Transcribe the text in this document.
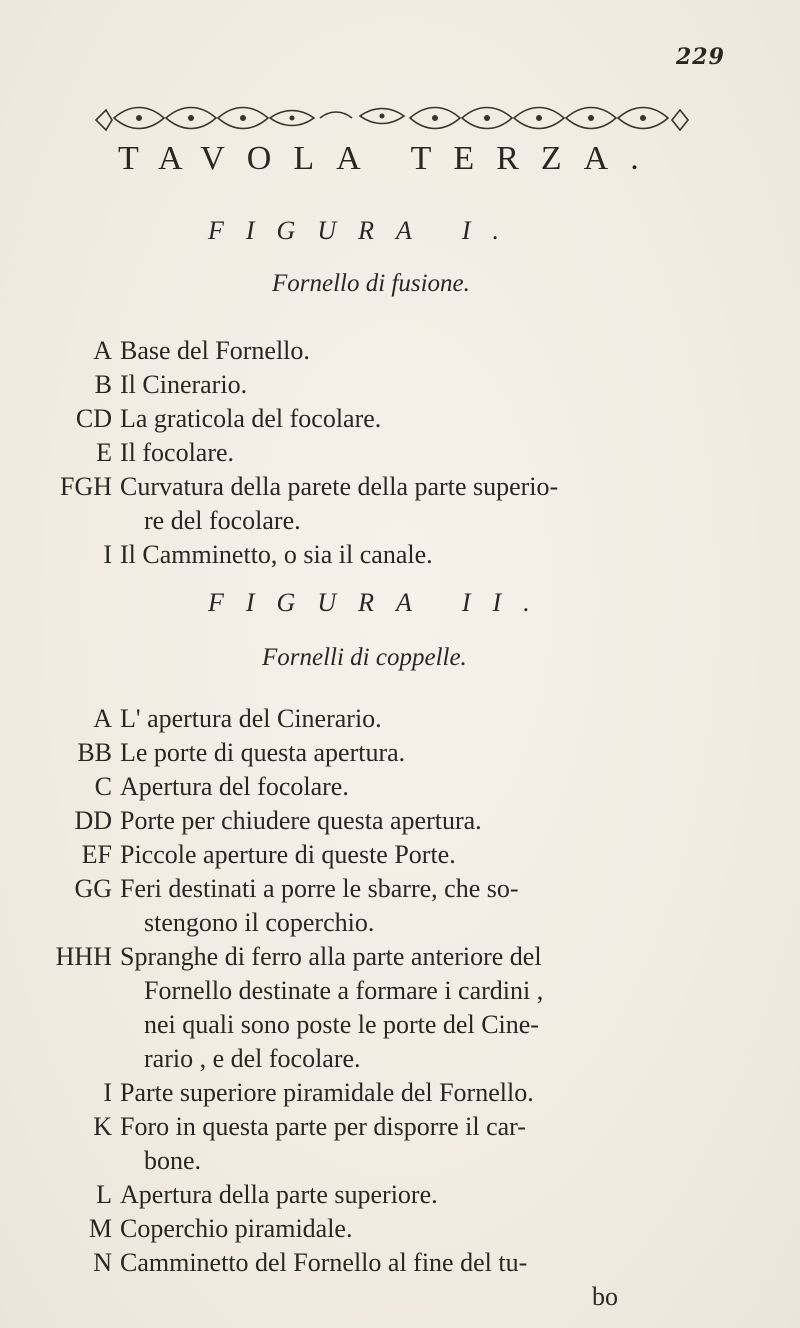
229
TAVOLA TERZA.
FIGURA I.
Fornello di fusione.
A Base del Fornello.
B Il Cinerario.
CD La graticola del focolare.
E Il focolare.
FGH Curvatura della parete della parte superio-
re del focolare.
I Il Camminetto, o sia il canale.
FIGURA II.
Fornelli di coppelle.
A L' apertura del Cinerario.
BB Le porte di questa apertura.
C Apertura del focolare.
DD Porte per chiudere questa apertura.
EF Piccole aperture di queste Porte.
GG Feri destinati a porre le sbarre, che so-
stengono il coperchio.
HHH Spranghe di ferro alla parte anteriore del
Fornello destinate a formare i cardini ,
nei quali sono poste le porte del Cine-
rario , e del focolare.
I Parte superiore piramidale del Fornello.
K Foro in questa parte per disporre il car-
bone.
L Apertura della parte superiore.
M Coperchio piramidale.
N Camminetto del Fornello al fine del tu-
bo
